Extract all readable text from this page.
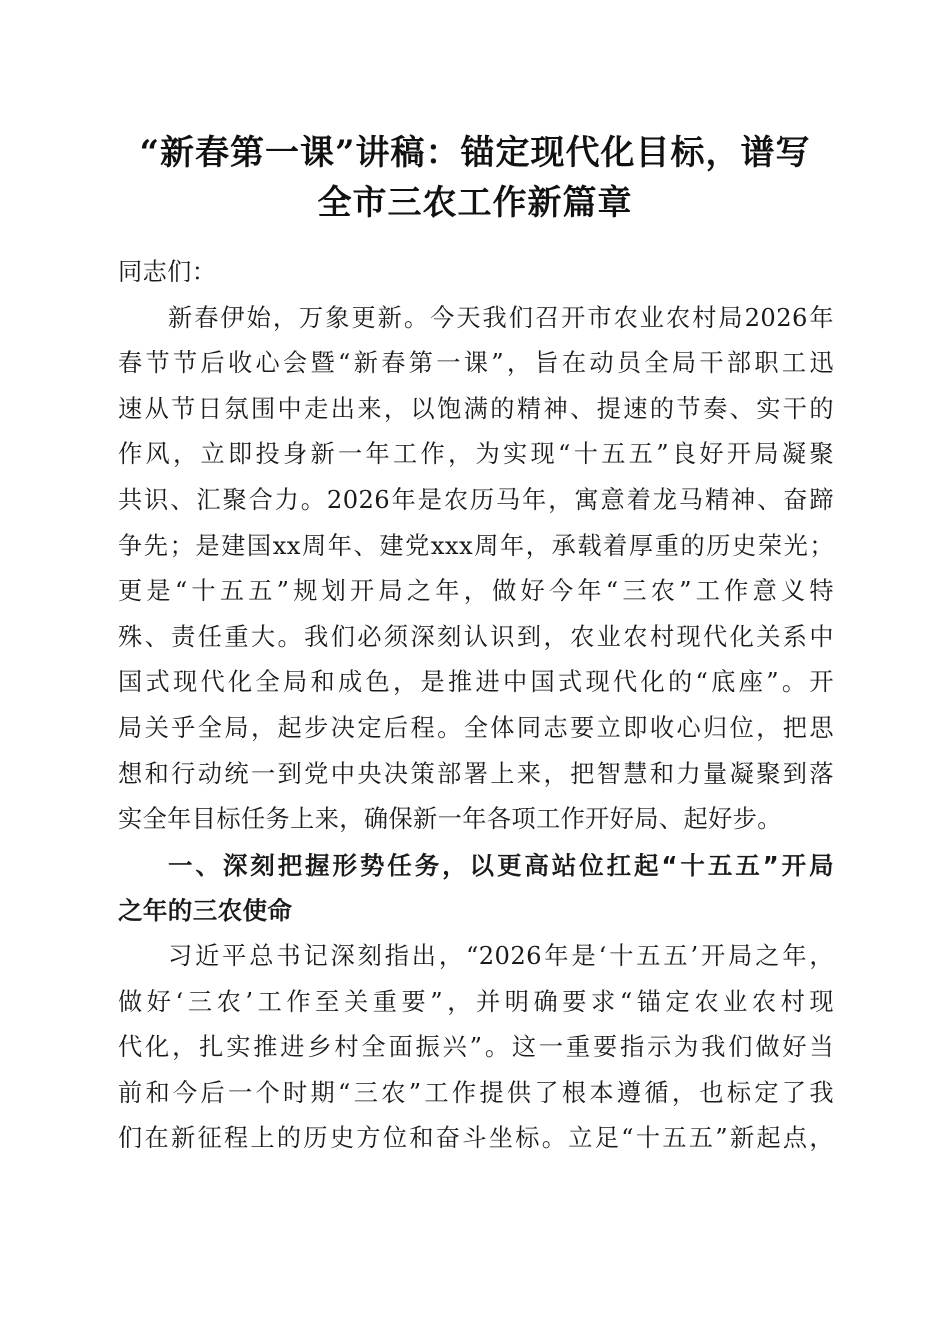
“新春第一课”讲稿：锚定现代化目标，谱写
全市三农工作新篇章
同志们：
新春伊始，万象更新。今天我们召开市农业农村局2026年
春节节后收心会暨“新春第一课”，旨在动员全局干部职工迅
速从节日氛围中走出来，以饱满的精神、提速的节奏、实干的
作风，立即投身新一年工作，为实现“十五五”良好开局凝聚
共识、汇聚合力。2026年是农历马年，寓意着龙马精神、奋蹄
争先；是建国xx周年、建党xxx周年，承载着厚重的历史荣光；
更是“十五五”规划开局之年，做好今年“三农”工作意义特
殊、责任重大。我们必须深刻认识到，农业农村现代化关系中
国式现代化全局和成色，是推进中国式现代化的“底座”。开
局关乎全局，起步决定后程。全体同志要立即收心归位，把思
想和行动统一到党中央决策部署上来，把智慧和力量凝聚到落
实全年目标任务上来，确保新一年各项工作开好局、起好步。
一、深刻把握形势任务，以更高站位扛起“十五五”开局
之年的三农使命
习近平总书记深刻指出，“2026年是‘十五五’开局之年，
做好‘三农’工作至关重要”，并明确要求“锚定农业农村现
代化，扎实推进乡村全面振兴”。这一重要指示为我们做好当
前和今后一个时期“三农”工作提供了根本遵循，也标定了我
们在新征程上的历史方位和奋斗坐标。立足“十五五”新起点，
